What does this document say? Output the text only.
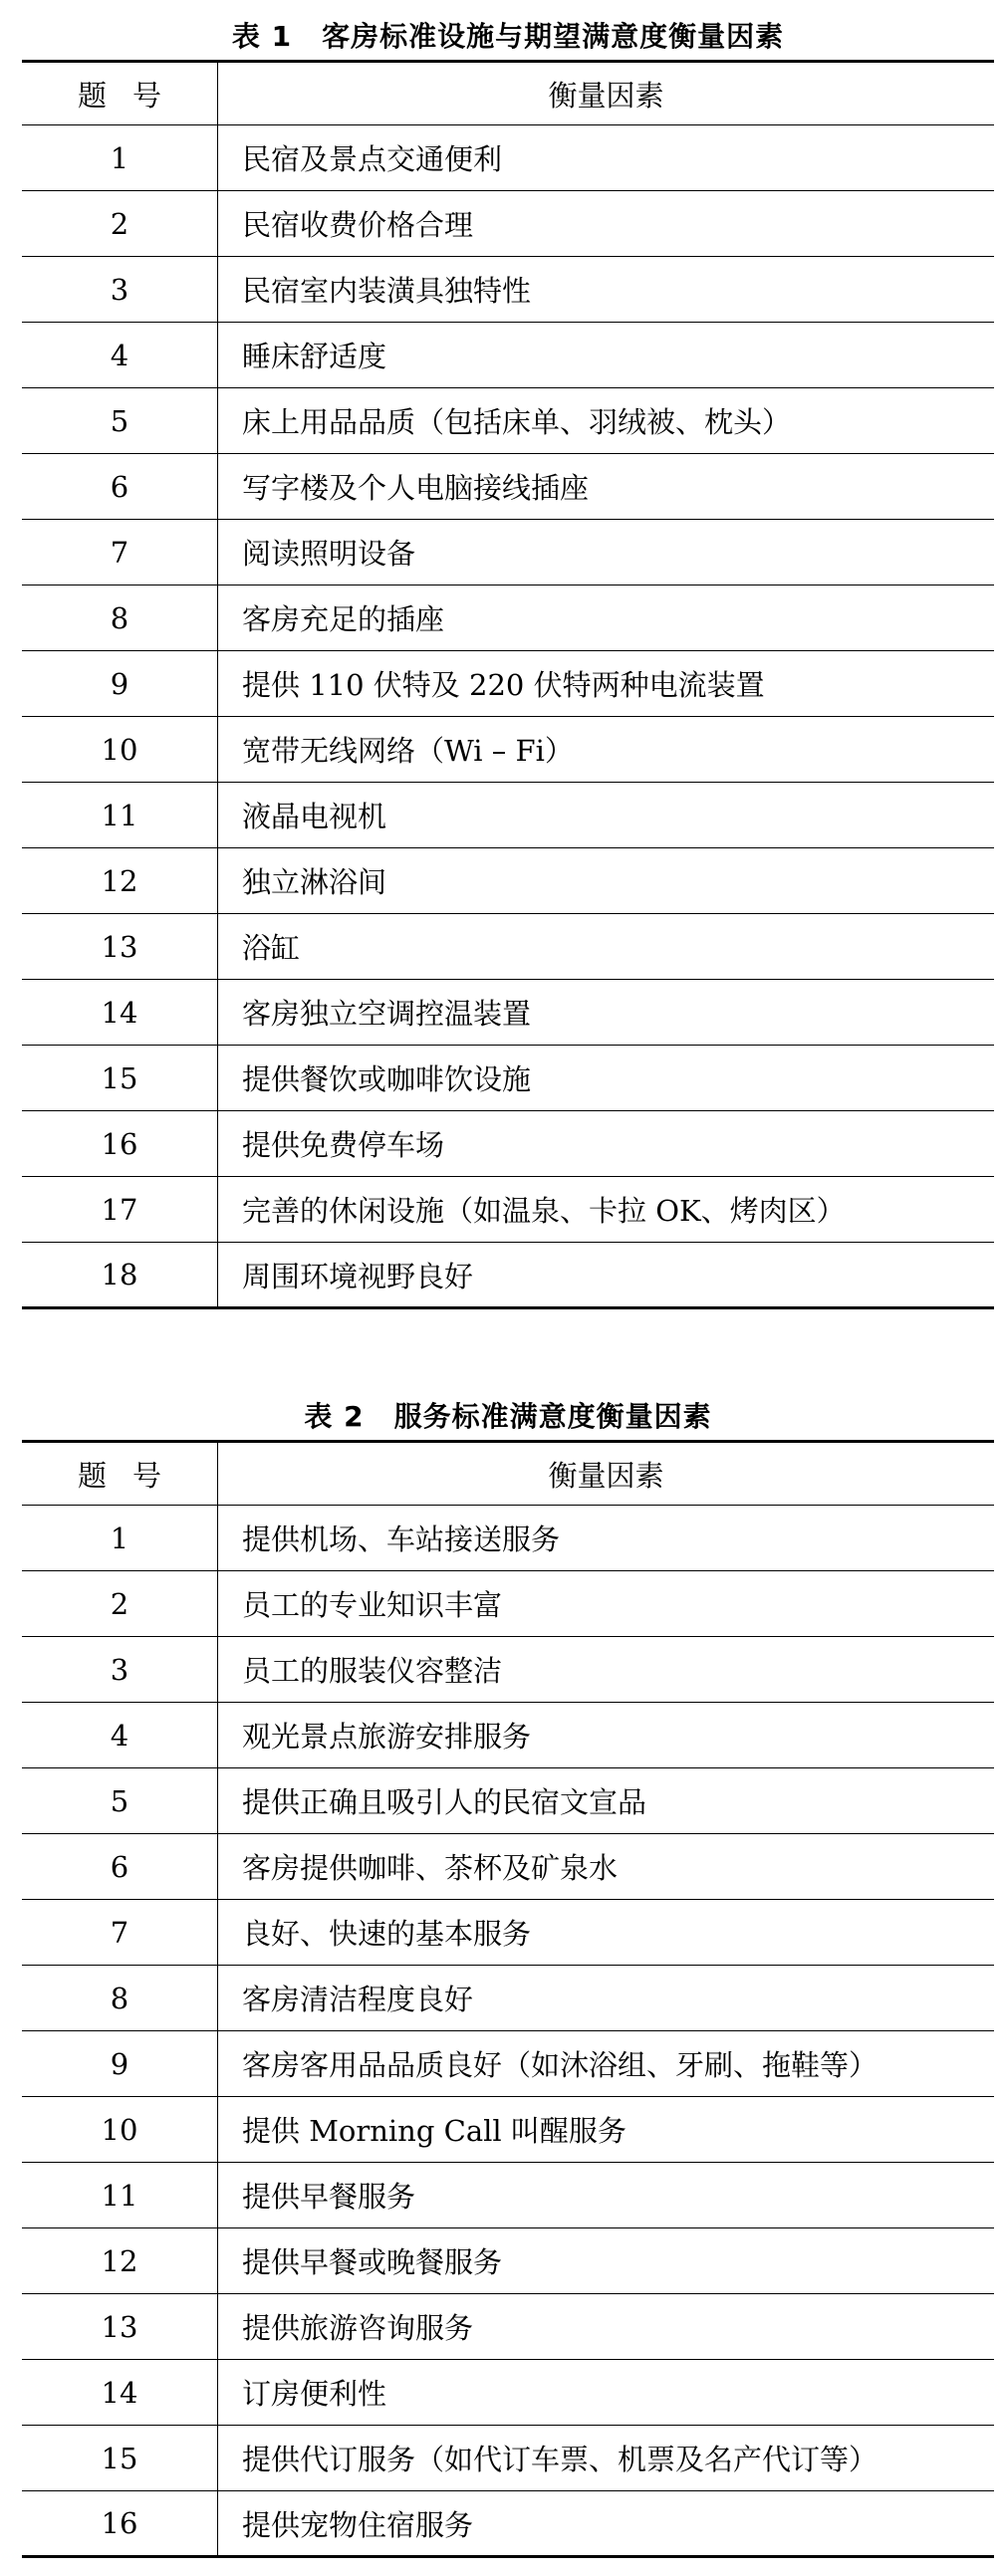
表 1 客房标准设施与期望满意度衡量因素
题号	衡量因素
1	民宿及景点交通便利
2	民宿收费价格合理
3	民宿室内装潢具独特性
4	睡床舒适度
5	床上用品品质（包括床单、羽绒被、枕头）
6	写字楼及个人电脑接线插座
7	阅读照明设备
8	客房充足的插座
9	提供 110 伏特及 220 伏特两种电流装置
10	宽带无线网络（Wi – Fi）
11	液晶电视机
12	独立淋浴间
13	浴缸
14	客房独立空调控温装置
15	提供餐饮或咖啡饮设施
16	提供免费停车场
17	完善的休闲设施（如温泉、卡拉 OK、烤肉区）
18	周围环境视野良好
表 2 服务标准满意度衡量因素
题号	衡量因素
1	提供机场、车站接送服务
2	员工的专业知识丰富
3	员工的服装仪容整洁
4	观光景点旅游安排服务
5	提供正确且吸引人的民宿文宣品
6	客房提供咖啡、茶杯及矿泉水
7	良好、快速的基本服务
8	客房清洁程度良好
9	客房客用品品质良好（如沐浴组、牙刷、拖鞋等）
10	提供 Morning Call 叫醒服务
11	提供早餐服务
12	提供早餐或晚餐服务
13	提供旅游咨询服务
14	订房便利性
15	提供代订服务（如代订车票、机票及名产代订等）
16	提供宠物住宿服务
